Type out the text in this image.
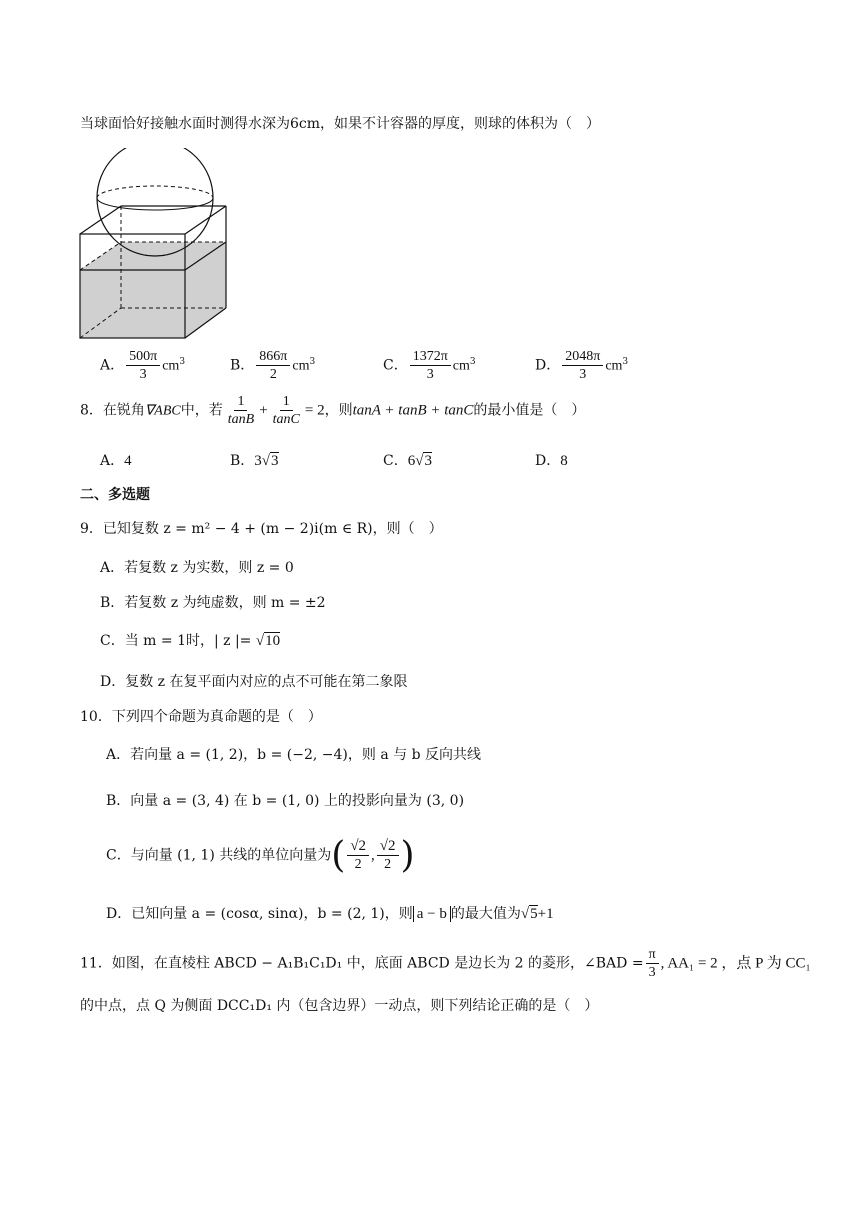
当球面恰好接触水面时测得水深为6cm，如果不计容器的厚度，则球的体积为（　）
A． $\frac{500\pi}{3} cm^3$	B． $\frac{866\pi}{2} cm^3$	C． $\frac{1372\pi}{3} cm^3$	D． $\frac{2048\pi}{3} cm^3$
8．在锐角∇ABC中，若 $\frac{1}{\tan B} + \frac{1}{\tan C} = 2$，则tanA + tanB + tanC的最小值是（　）
A．4	B．3√3	C．6√3	D．8
二、多选题
9．已知复数 z = m² − 4 + (m − 2)i(m ∈ R)，则（　）
A．若复数 z 为实数，则 z = 0
B．若复数 z 为纯虚数，则 m = ±2
C．当 m = 1时，| z |= √10
D．复数 z 在复平面内对应的点不可能在第二象限
10．下列四个命题为真命题的是（　）
A．若向量 a = (1, 2)，b = (−2, −4)，则 a 与 b 反向共线
B．向量 a = (3, 4) 在 b = (1, 0) 上的投影向量为 (3, 0)
C．与向量 (1, 1) 共线的单位向量为( $\frac{√2}{2}$ , $\frac{√2}{2}$ )
D．已知向量 a = (cosα, sinα)，b = (2, 1)，则 a − b 的最大值为√5+1
11．如图，在直棱柱 ABCD − A₁B₁C₁D₁ 中，底面 ABCD 是边长为 2 的菱形，∠BAD = $\frac{\pi}{3}$ , AA₁ = 2 ，点 P 为 CC₁
的中点，点 Q 为侧面 DCC₁D₁ 内（包含边界）一动点，则下列结论正确的是（　）
